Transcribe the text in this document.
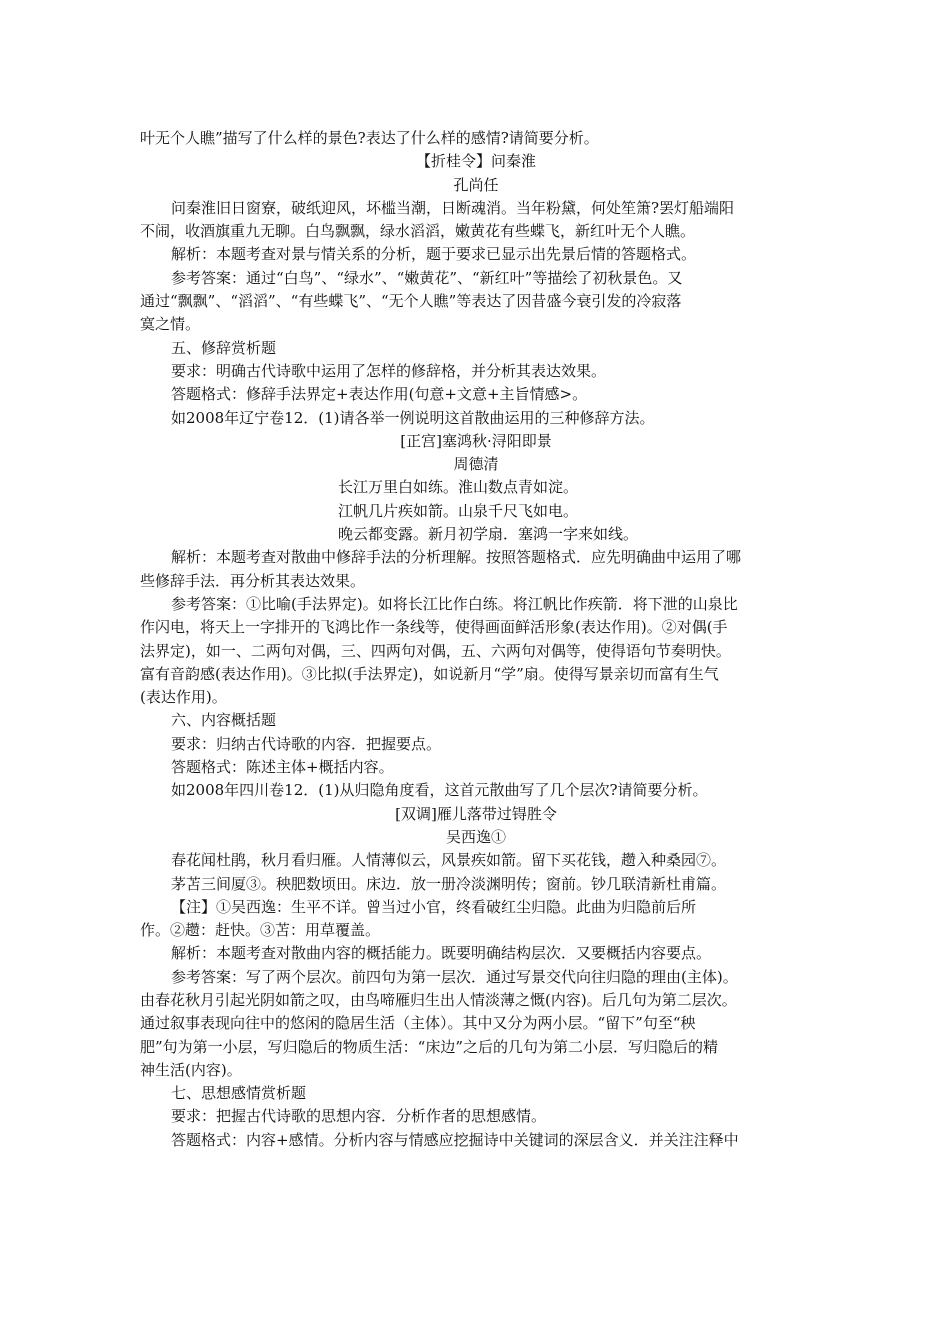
叶无个人瞧”描写了什么样的景色?表达了什么样的感情?请简要分析。
【折桂令】问秦淮
孔尚任
问秦淮旧日窗寮，破纸迎风，坏槛当潮，日断魂消。当年粉黛，何处笙箫?罢灯船端阳
不闹，收酒旗重九无聊。白鸟飘飘，绿水滔滔，嫩黄花有些蝶飞，新红叶无个人瞧。
解析：本题考查对景与情关系的分析，题于要求已显示出先景后情的答题格式。
参考答案：通过“白鸟”、“绿水”、“嫩黄花”、“新红叶”等描绘了初秋景色。又
通过“飘飘”、“滔滔”、“有些蝶飞”、“无个人瞧”等表达了因昔盛今衰引发的冷寂落
寞之情。
五、修辞赏析题
要求：明确古代诗歌中运用了怎样的修辞格，并分析其表达效果。
答题格式：修辞手法界定+表达作用(句意+文意+主旨情感>。
如2008年辽宁卷12．(1)请各举一例说明这首散曲运用的三种修辞方法。
[正宫]塞鸿秋·浔阳即景
周德清
长江万里白如练。淮山数点青如淀。
江帆几片疾如箭。山泉千尺飞如电。
晚云都变露。新月初学扇．塞鸿一字来如线。
解析：本题考查对散曲中修辞手法的分析理解。按照答题格式．应先明确曲中运用了哪
些修辞手法．再分析其表达效果。
参考答案：①比喻(手法界定)。如将长江比作白练。将江帆比作疾箭．将下泄的山泉比
作闪电，将天上一字排开的飞鸿比作一条线等，使得画面鲜活形象(表达作用)。②对偶(手
法界定)，如一、二两句对偶，三、四两句对偶，五、六两句对偶等，使得语句节奏明快。
富有音韵感(表达作用)。③比拟(手法界定)，如说新月“学”扇。使得写景亲切而富有生气
(表达作用)。
六、内容概括题
要求：归纳古代诗歌的内容．把握要点。
答题格式：陈述主体+概括内容。
如2008年四川卷12．(1)从归隐角度看，这首元散曲写了几个层次?请简要分析。
[双调]雁儿落带过锝胜令
吴西逸①
春花闻杜鹃，秋月看归雁。人情薄似云，风景疾如箭。留下买花钱，趱入种桑园⑦。
茅苫三间厦③。秧肥数顷田。床边．放一册冷淡渊明传；窗前。钞几联清新杜甫篇。
【注】①吴西逸：生平不详。曾当过小官，终看破红尘归隐。此曲为归隐前后所
作。②趱：赶快。③苫：用草覆盖。
解析：本题考查对散曲内容的概括能力。既要明确结构层次．又要概括内容要点。
参考答案：写了两个层次。前四句为第一层次．通过写景交代向往归隐的理由(主体)。
由春花秋月引起光阴如箭之叹，由鸟啼雁归生出人情淡薄之慨(内容)。后几句为第二层次。
通过叙事表现向往中的悠闲的隐居生活（主体）。其中又分为两小层。“留下”句至“秧
肥”句为第一小层，写归隐后的物质生活：“床边”之后的几句为第二小层．写归隐后的精
神生活(内容)。
七、思想感情赏析题
要求：把握古代诗歌的思想内容．分析作者的思想感情。
答题格式：内容+感情。分析内容与情感应挖掘诗中关键词的深层含义．并关注注释中
